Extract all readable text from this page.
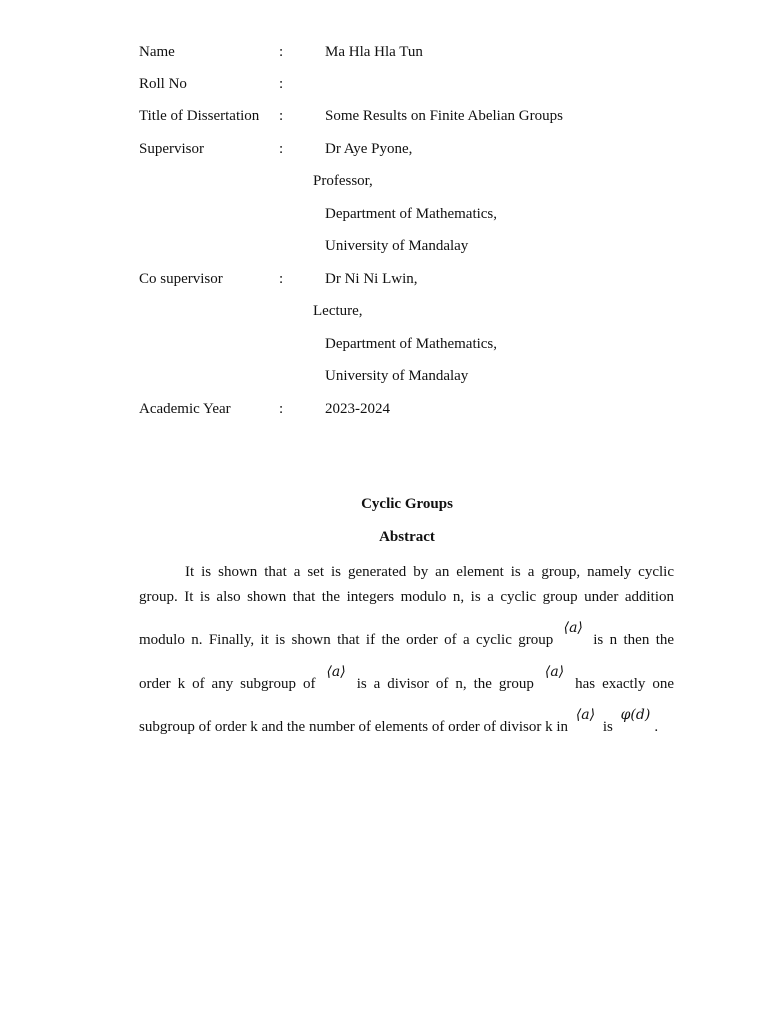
Name	:	Ma Hla Hla Tun
Roll No	:
Title of Dissertation :	Some Results on Finite Abelian Groups
Supervisor	:	Dr Aye Pyone,
Professor,
Department of Mathematics,
University of Mandalay
Co supervisor	:	Dr Ni Ni Lwin,
Lecture,
Department of Mathematics,
University of Mandalay
Academic Year	:	2023-2024
Cyclic Groups
Abstract
It is shown that a set is generated by an element is a group, namely cyclic
group. It is also shown that the integers modulo n, is a cyclic group under addition
modulo n. Finally, it is shown that if the order of a cyclic group ⟨a⟩ is n then the
order k of any subgroup of ⟨a⟩ is a divisor of n, the group ⟨a⟩ has exactly one
subgroup of order k and the number of elements of order of divisor k in ⟨a⟩ is φ(d).
